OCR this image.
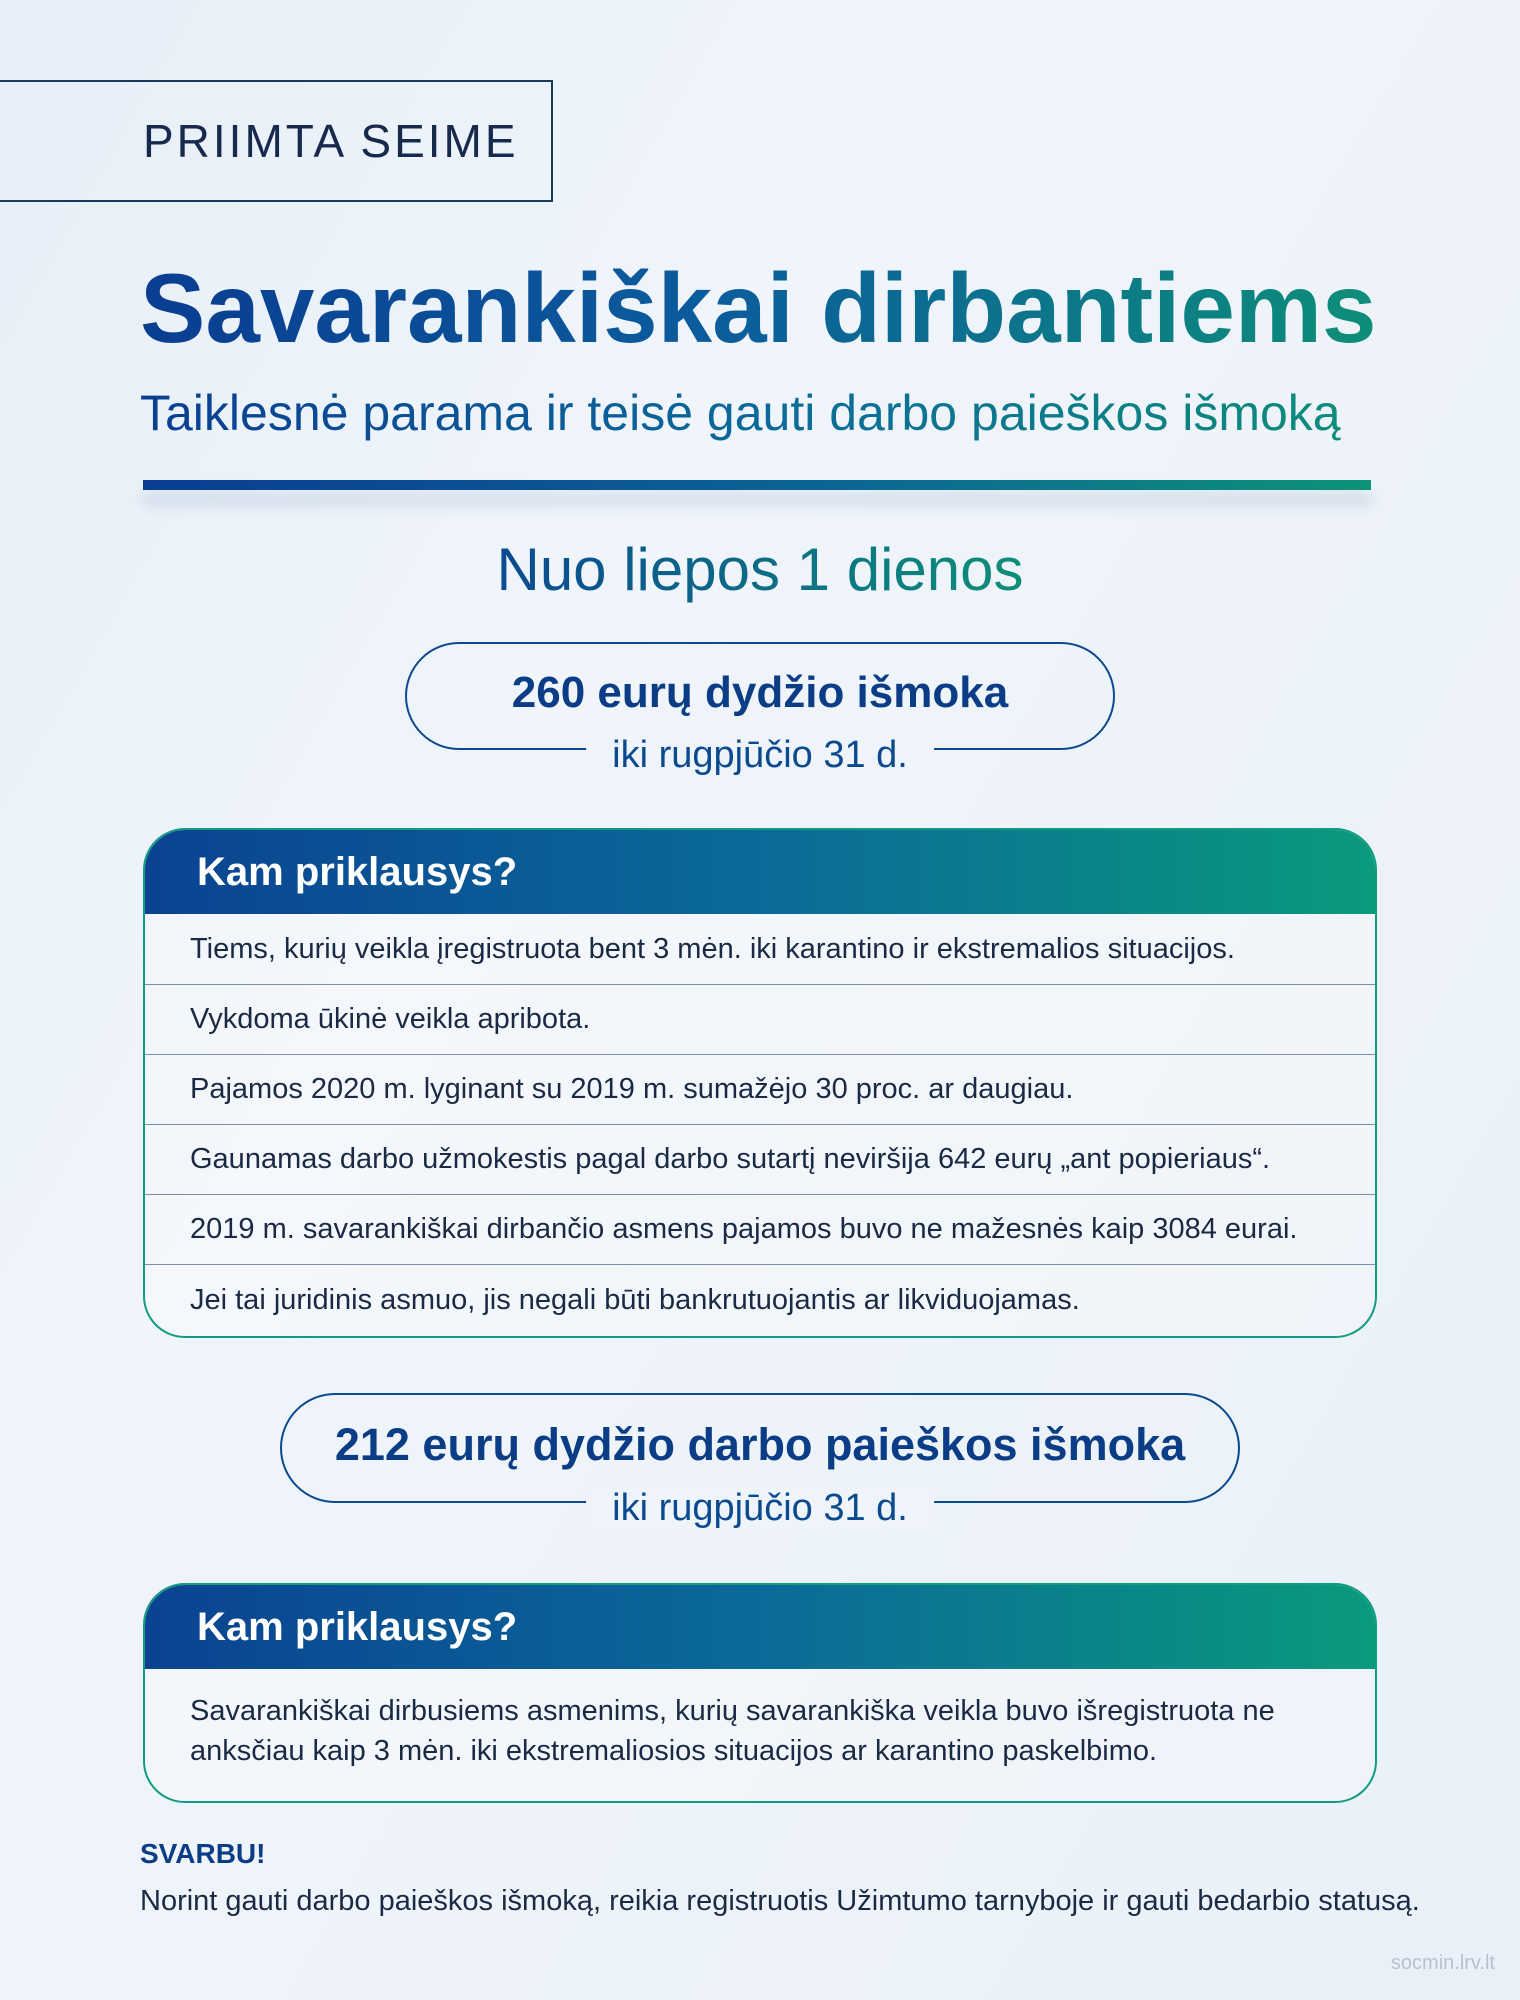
PRIIMTA SEIME
Savarankiškai dirbantiems
Taiklesnė parama ir teisė gauti darbo paieškos išmoką
Nuo liepos 1 dienos
260 eurų dydžio išmoka
iki rugpjūčio 31 d.
Kam priklausys?
Tiems, kurių veikla įregistruota bent 3 mėn. iki karantino ir ekstremalios situacijos.
Vykdoma ūkinė veikla apribota.
Pajamos 2020 m. lyginant su 2019 m. sumažėjo 30 proc. ar daugiau.
Gaunamas darbo užmokestis pagal darbo sutartį neviršija 642 eurų „ant popieriaus“.
2019 m. savarankiškai dirbančio asmens pajamos buvo ne mažesnės kaip 3084 eurai.
Jei tai juridinis asmuo, jis negali būti bankrutuojantis ar likviduojamas.
212 eurų dydžio darbo paieškos išmoka
iki rugpjūčio 31 d.
Kam priklausys?
Savarankiškai dirbusiems asmenims, kurių savarankiška veikla buvo išregistruota ne
anksčiau kaip 3 mėn. iki ekstremaliosios situacijos ar karantino paskelbimo.
SVARBU!
Norint gauti darbo paieškos išmoką, reikia registruotis Užimtumo tarnyboje ir gauti bedarbio statusą.
socmin.lrv.lt
